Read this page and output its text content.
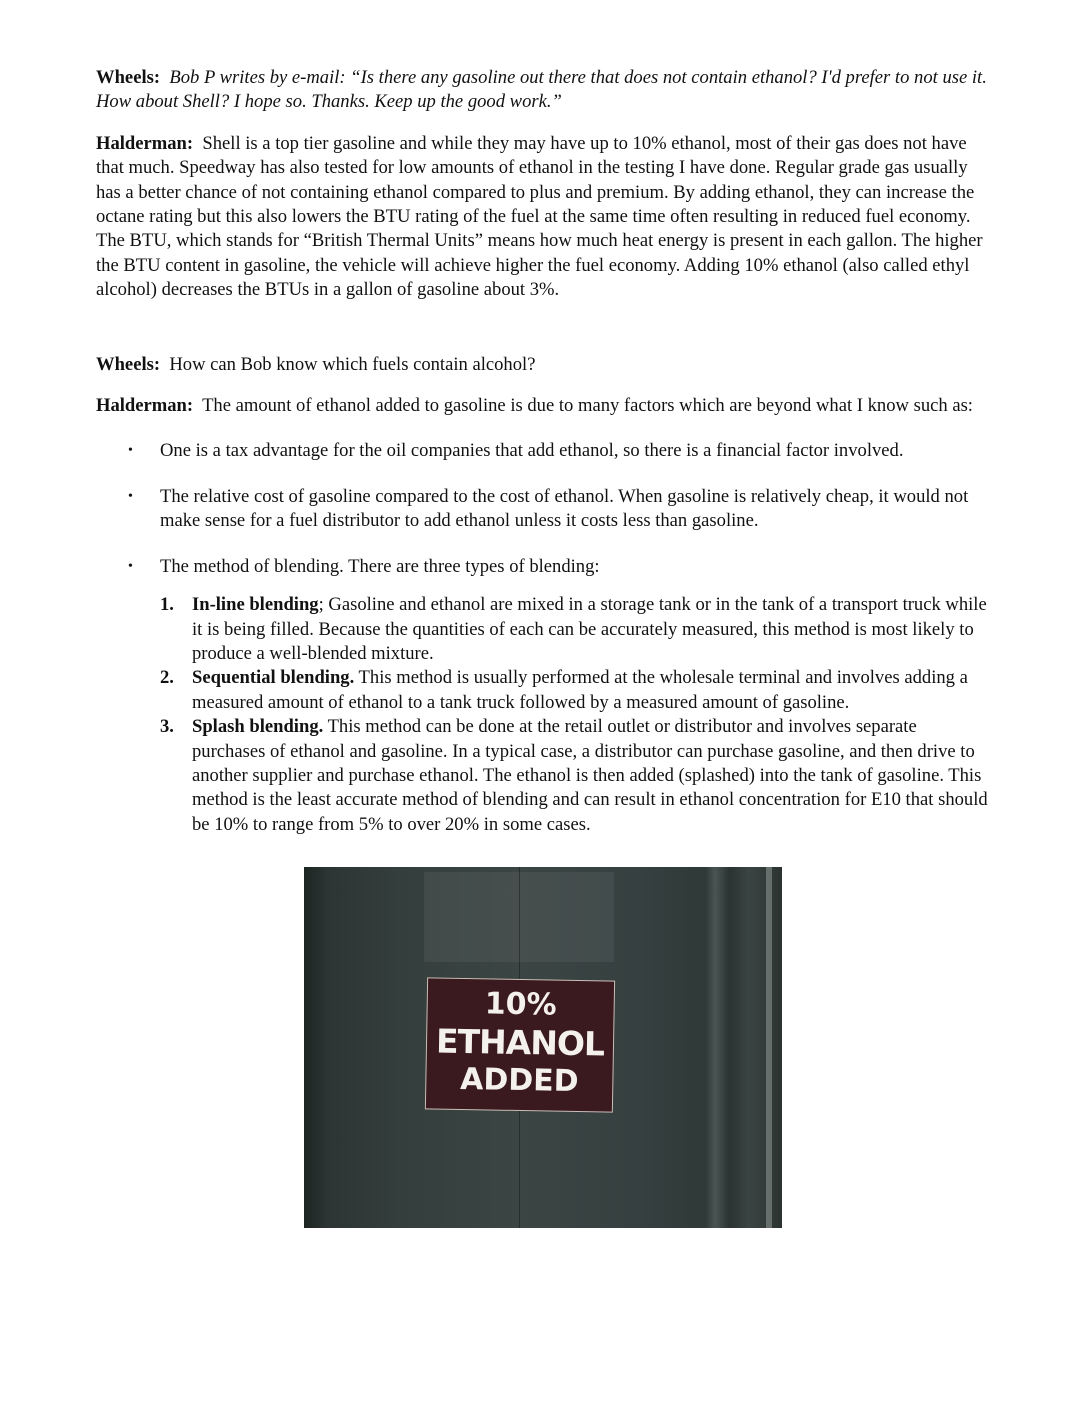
Wheels: Bob P writes by e-mail: “Is there any gasoline out there that does not contain ethanol? I'd prefer to not use it. How about Shell? I hope so. Thanks. Keep up the good work.”

Halderman: Shell is a top tier gasoline and while they may have up to 10% ethanol, most of their gas does not have that much. Speedway has also tested for low amounts of ethanol in the testing I have done. Regular grade gas usually has a better chance of not containing ethanol compared to plus and premium. By adding ethanol, they can increase the octane rating but this also lowers the BTU rating of the fuel at the same time often resulting in reduced fuel economy. The BTU, which stands for “British Thermal Units” means how much heat energy is present in each gallon. The higher the BTU content in gasoline, the vehicle will achieve higher the fuel economy. Adding 10% ethanol (also called ethyl alcohol) decreases the BTUs in a gallon of gasoline about 3%.

Wheels: How can Bob know which fuels contain alcohol?

Halderman: The amount of ethanol added to gasoline is due to many factors which are beyond what I know such as:

• One is a tax advantage for the oil companies that add ethanol, so there is a financial factor involved.
• The relative cost of gasoline compared to the cost of ethanol. When gasoline is relatively cheap, it would not make sense for a fuel distributor to add ethanol unless it costs less than gasoline.
• The method of blending. There are three types of blending:
1. In-line blending; Gasoline and ethanol are mixed in a storage tank or in the tank of a transport truck while it is being filled. Because the quantities of each can be accurately measured, this method is most likely to produce a well-blended mixture.
2. Sequential blending. This method is usually performed at the wholesale terminal and involves adding a measured amount of ethanol to a tank truck followed by a measured amount of gasoline.
3. Splash blending. This method can be done at the retail outlet or distributor and involves separate purchases of ethanol and gasoline. In a typical case, a distributor can purchase gasoline, and then drive to another supplier and purchase ethanol. The ethanol is then added (splashed) into the tank of gasoline. This method is the least accurate method of blending and can result in ethanol concentration for E10 that should be 10% to range from 5% to over 20% in some cases.
10%
ETHANOL
ADDED
